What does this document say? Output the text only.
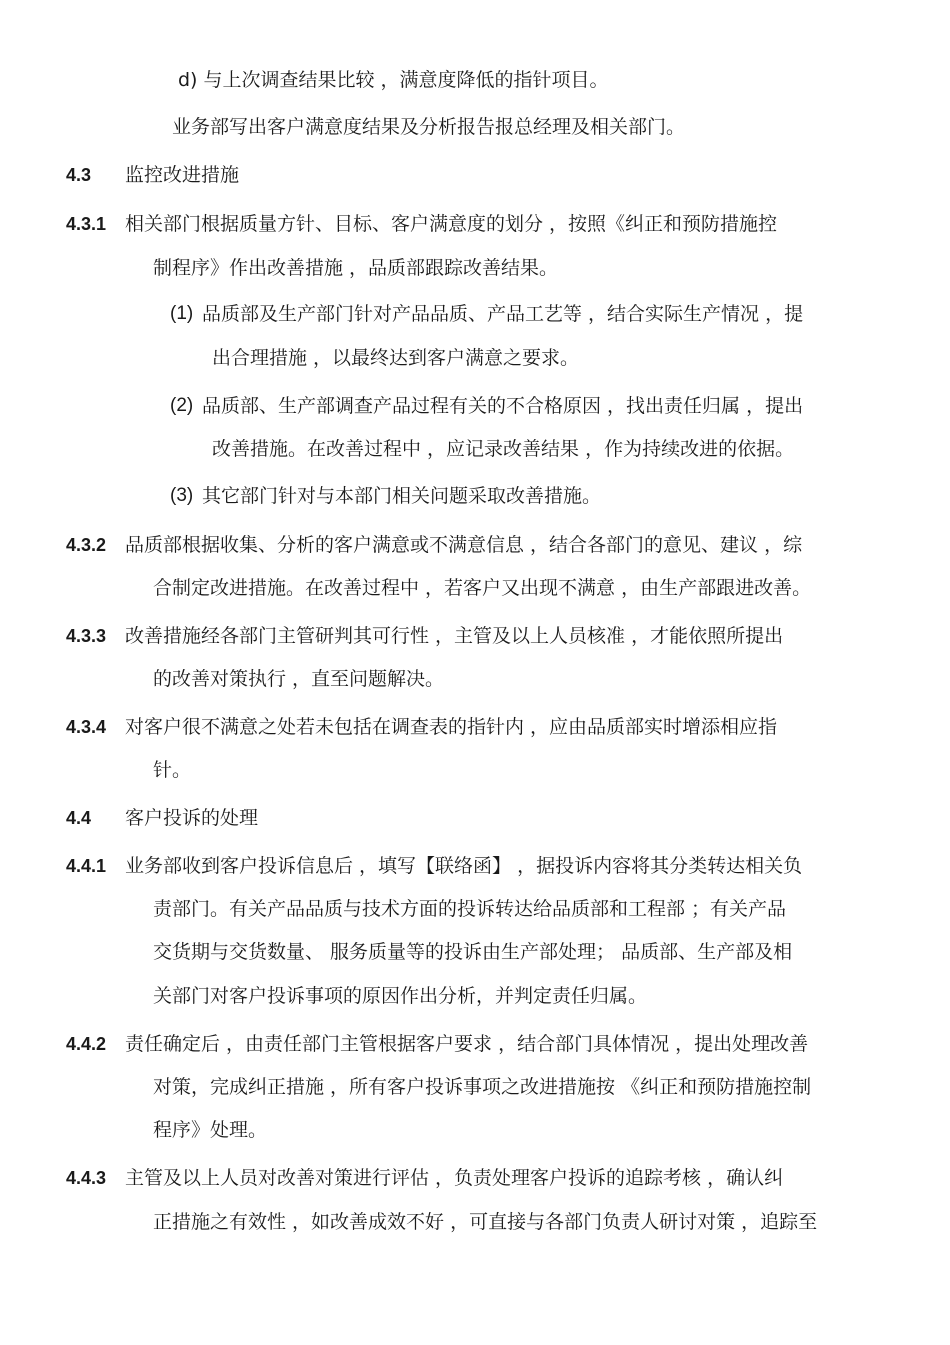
d) 与上次调查结果比较 ，满意度降低的指针项目。
业务部写出客户满意度结果及分析报告报总经理及相关部门。
4.3 监控改进措施
4.3.1 相关部门根据质量方针、目标、客户满意度的划分 ，按照《纠正和预防措施控
制程序》作出改善措施 ，品质部跟踪改善结果。
(1) 品质部及生产部门针对产品品质、产品工艺等 ，结合实际生产情况 ，提
出合理措施 ，以最终达到客户满意之要求。
(2) 品质部、生产部调查产品过程有关的不合格原因 ，找出责任归属 ，提出
改善措施。在改善过程中 ，应记录改善结果 ，作为持续改进的依据。
(3) 其它部门针对与本部门相关问题采取改善措施。
4.3.2 品质部根据收集、分析的客户满意或不满意信息 ，结合各部门的意见、建议 ，综
合制定改进措施。在改善过程中 ，若客户又出现不满意 ，由生产部跟进改善。
4.3.3 改善措施经各部门主管研判其可行性 ，主管及以上人员核准 ，才能依照所提出
的改善对策执行 ，直至问题解决。
4.3.4 对客户很不满意之处若未包括在调查表的指针内 ，应由品质部实时增添相应指
针。
4.4 客户投诉的处理
4.4.1 业务部收到客户投诉信息后 ，填写【联络函】 ，据投诉内容将其分类转达相关负
责部门。有关产品品质与技术方面的投诉转达给品质部和工程部 ；有关产品
交货期与交货数量、 服务质量等的投诉由生产部处理； 品质部、生产部及相
关部门对客户投诉事项的原因作出分析，并判定责任归属。
4.4.2 责任确定后 ，由责任部门主管根据客户要求 ，结合部门具体情况 ，提出处理改善
对策，完成纠正措施 ，所有客户投诉事项之改进措施按 《纠正和预防措施控制
程序》处理。
4.4.3 主管及以上人员对改善对策进行评估 ，负责处理客户投诉的追踪考核 ，确认纠
正措施之有效性 ，如改善成效不好 ，可直接与各部门负责人研讨对策 ，追踪至
